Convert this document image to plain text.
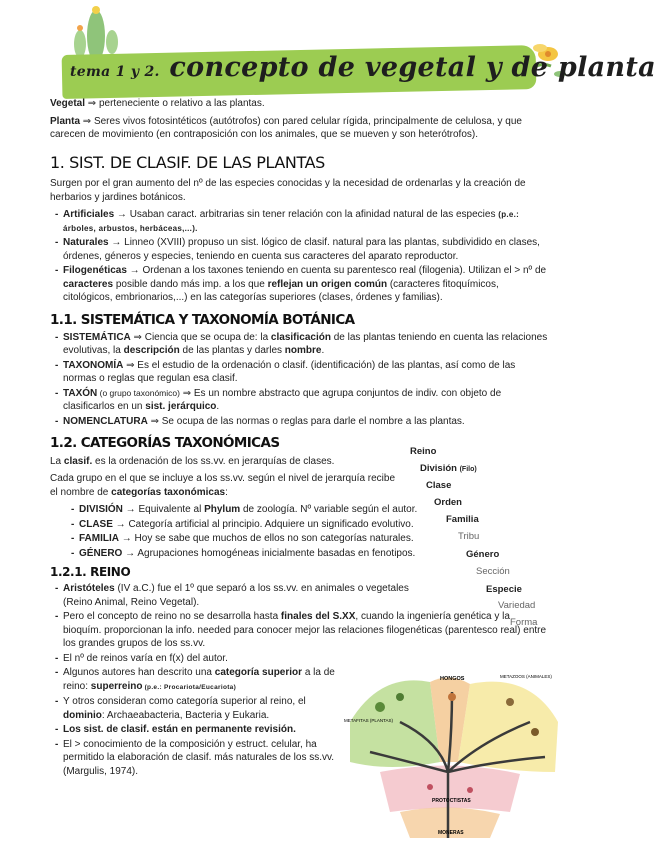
tema 1 y 2. concepto de vegetal y de planta

Vegetal ⇒ perteneciente o relativo a las plantas.

Planta ⇒ Seres vivos fotosintéticos (autótrofos) con pared celular rígida, principalmente de celulosa, y que carecen de movimiento (en contraposición con los animales, que se mueven y son heterótrofos).

1. SIST. DE CLASIF. DE LAS PLANTAS

Surgen por el gran aumento del nº de las especies conocidas y la necesidad de ordenarlas y la creación de herbarios y jardines botánicos.

- Artificiales → Usaban caract. arbitrarias sin tener relación con la afinidad natural de las especies (p.e.: árboles, arbustos, herbáceas,...).
- Naturales → Linneo (XVIII) propuso un sist. lógico de clasif. natural para las plantas, subdividido en clases, órdenes, géneros y especies, teniendo en cuenta sus caracteres del aparato reproductor.
- Filogenéticas → Ordenan a los taxones teniendo en cuenta su parentesco real (filogenia). Utilizan el > nº de caracteres posible dando más imp. a los que reflejan un origen común (caracteres fitoquímicos, citológicos, embrionarios,...) en las categorías superiores (clases, órdenes y familias).
1.1. SISTEMÁTICA Y TAXONOMÍA BOTÁNICA
- SISTEMÁTICA ⇒ Ciencia que se ocupa de: la clasificación de las plantas teniendo en cuenta las relaciones evolutivas, la descripción de las plantas y darles nombre.
- TAXONOMÍA ⇒ Es el estudio de la ordenación o clasif. (identificación) de las plantas, así como de las normas o reglas que regulan esa clasif.
- TAXÓN (o grupo taxonómico) ⇒ Es un nombre abstracto que agrupa conjuntos de indiv. con objeto de clasificarlos en un sist. jerárquico.
- NOMENCLATURA ⇒ Se ocupa de las normas o reglas para darle el nombre a las plantas.
1.2. CATEGORÍAS TAXONÓMICAS

La clasif. es la ordenación de los ss.vv. en jerarquías de clases.

Cada grupo en el que se incluye a los ss.vv. según el nivel de jerarquía recibe el nombre de categorías taxonómicas:

- DIVISIÓN → Equivalente al Phylum de zoología. Nº variable según el autor.
- CLASE → Categoría artificial al principio. Adquiere un significado evolutivo.
- FAMILIA → Hoy se sabe que muchos de ellos no son categorías naturales.
- GÉNERO → Agrupaciones homogéneas inicialmente basadas en fenotipos.
1.2.1. REINO
- Aristóteles (IV a.C.) fue el 1º que separó a los ss.vv. en animales o vegetales (Reino Animal, Reino Vegetal).
- Pero el concepto de reino no se desarrolla hasta finales del S.XX, cuando la ingeniería genética y la bioquím. proporcionan la info. needed para conocer mejor las relaciones filogenéticas (parentesco real) entre los grandes grupos de los ss.vv.
- El nº de reinos varía en f(x) del autor.
- Algunos autores han descrito una categoría superior a la de reino: superreino (p.e.: Procariota/Eucariota)
- Y otros consideran como categoría superior al reino, el dominio: Archaeabacteria, Bacteria y Eukaria.
- Los sist. de clasif. están en permanente revisión.
- El > conocimiento de la composición y estruct. celular, ha permitido la elaboración de clasif. más naturales de los ss.vv. (Margulis, 1974).
Reino
División (Filo)
Clase
Orden
Familia
Tribu
Género
Sección
Especie
Variedad
Forma
HONGOS
METAFITAS (PLANTAS)
METAZOOS (ANIMALES)
PROTOCTISTAS
MONERAS
